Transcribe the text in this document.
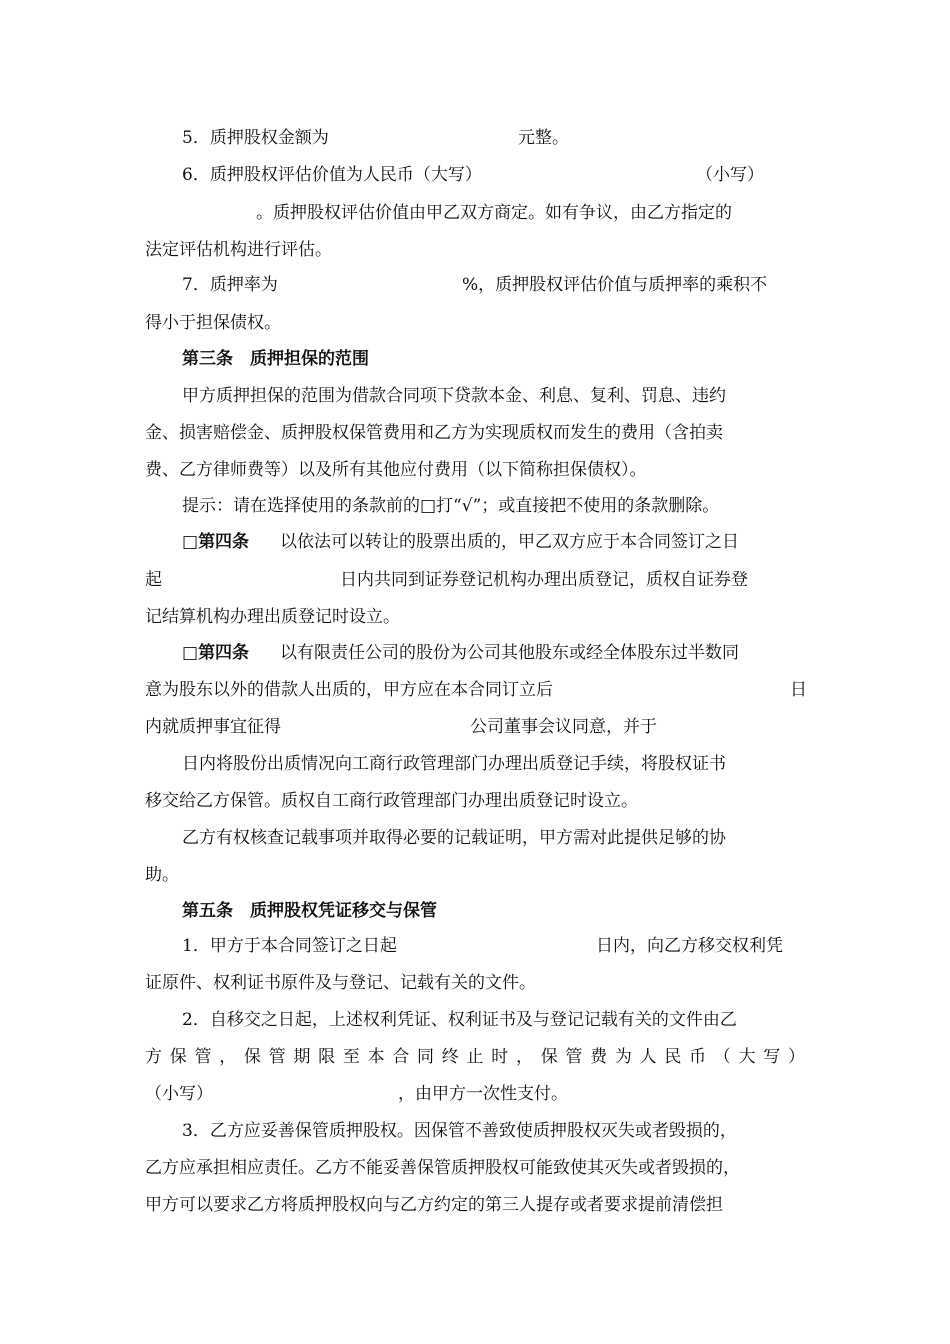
5．质押股权金额为	元整。
6．质押股权评估价值为人民币（大写）	（小写）
。质押股权评估价值由甲乙双方商定。如有争议，由乙方指定的
法定评估机构进行评估。
7．质押率为	%，质押股权评估价值与质押率的乘积不
得小于担保债权。
第三条　质押担保的范围
甲方质押担保的范围为借款合同项下贷款本金、利息、复利、罚息、违约
金、损害赔偿金、质押股权保管费用和乙方为实现质权而发生的费用（含拍卖
费、乙方律师费等）以及所有其他应付费用（以下简称担保债权）。
提示：请在选择使用的条款前的□打“√”；或直接把不使用的条款删除。
□第四条 以依法可以转让的股票出质的，甲乙双方应于本合同签订之日
起	日内共同到证券登记机构办理出质登记，质权自证券登
记结算机构办理出质登记时设立。
□第四条 以有限责任公司的股份为公司其他股东或经全体股东过半数同
意为股东以外的借款人出质的，甲方应在本合同订立后	日
内就质押事宜征得	公司董事会议同意，并于
日内将股份出质情况向工商行政管理部门办理出质登记手续，将股权证书
移交给乙方保管。质权自工商行政管理部门办理出质登记时设立。
乙方有权核查记载事项并取得必要的记载证明，甲方需对此提供足够的协
助。
第五条　质押股权凭证移交与保管
1．甲方于本合同签订之日起	日内，向乙方移交权利凭
证原件、权利证书原件及与登记、记载有关的文件。
2．自移交之日起，上述权利凭证、权利证书及与登记记载有关的文件由乙
方保管，保管期限至本合同终止时，保管费为人民币（大写）
（小写）	，由甲方一次性支付。
3．乙方应妥善保管质押股权。因保管不善致使质押股权灭失或者毁损的，
乙方应承担相应责任。乙方不能妥善保管质押股权可能致使其灭失或者毁损的，
甲方可以要求乙方将质押股权向与乙方约定的第三人提存或者要求提前清偿担
